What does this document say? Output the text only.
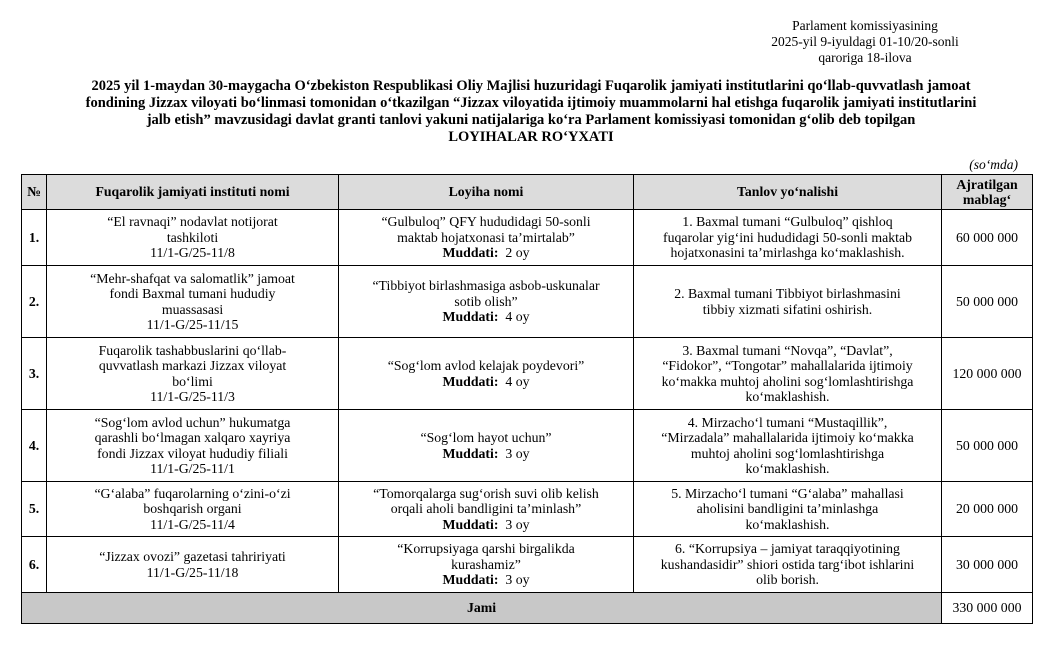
Parlament komissiyasining
2025-yil 9-iyuldagi 01-10/20-sonli
qaroriga 18-ilova
2025 yil 1-maydan 30-maygacha O‘zbekiston Respublikasi Oliy Majlisi huzuridagi Fuqarolik jamiyati institutlarini qo‘llab-quvvatlash jamoat
fondining Jizzax viloyati bo‘linmasi tomonidan o‘tkazilgan “Jizzax viloyatida ijtimoiy muammolarni hal etishga fuqarolik jamiyati institutlarini
jalb etish” mavzusidagi davlat granti tanlovi yakuni natijalariga ko‘ra Parlament komissiyasi tomonidan g‘olib deb topilgan
LOYIHALAR RO‘YXATI
(so‘mda)
№	Fuqarolik jamiyati instituti nomi	Loyiha nomi	Tanlov yo‘nalishi	Ajratilgan
mablag‘

1.	“El ravnaqi” nodavlat notijorat
tashkiloti
11/1-G/25-11/8	“Gulbuloq” QFY hududidagi 50-sonli
maktab hojatxonasi ta’mirtalab”
Muddati: 2 oy	1. Baxmal tumani “Gulbuloq” qishloq
fuqarolar yig‘ini hududidagi 50-sonli maktab
hojatxonasini ta’mirlashga ko‘maklashish.	60 000 000
2.	“Mehr-shafqat va salomatlik” jamoat
fondi Baxmal tumani hududiy
muassasasi
11/1-G/25-11/15	“Tibbiyot birlashmasiga asbob-uskunalar
sotib olish”
Muddati: 4 oy	2. Baxmal tumani Tibbiyot birlashmasini
tibbiy xizmati sifatini oshirish.	50 000 000
3.	Fuqarolik tashabbuslarini qo‘llab-
quvvatlash markazi Jizzax viloyat
bo‘limi
11/1-G/25-11/3	“Sog‘lom avlod kelajak poydevori”
Muddati: 4 oy	3. Baxmal tumani “Novqa”, “Davlat”,
“Fidokor”, “Tongotar” mahallalarida ijtimoiy
ko‘makka muhtoj aholini sog‘lomlashtirishga
ko‘maklashish.	120 000 000
4.	“Sog‘lom avlod uchun” hukumatga
qarashli bo‘lmagan xalqaro xayriya
fondi Jizzax viloyat hududiy filiali
11/1-G/25-11/1	“Sog‘lom hayot uchun”
Muddati: 3 oy	4. Mirzacho‘l tumani “Mustaqillik”,
“Mirzadala” mahallalarida ijtimoiy ko‘makka
muhtoj aholini sog‘lomlashtirishga
ko‘maklashish.	50 000 000
5.	“G‘alaba” fuqarolarning o‘zini-o‘zi
boshqarish organi
11/1-G/25-11/4	“Tomorqalarga sug‘orish suvi olib kelish
orqali aholi bandligini ta’minlash”
Muddati: 3 oy	5. Mirzacho‘l tumani “G‘alaba” mahallasi
aholisini bandligini ta’minlashga
ko‘maklashish.	20 000 000
6.	“Jizzax ovozi” gazetasi tahririyati
11/1-G/25-11/18	“Korrupsiyaga qarshi birgalikda
kurashamiz”
Muddati: 3 oy	6. “Korrupsiya – jamiyat taraqqiyotining
kushandasidir” shiori ostida targ‘ibot ishlarini
olib borish.	30 000 000
Jami				330 000 000
